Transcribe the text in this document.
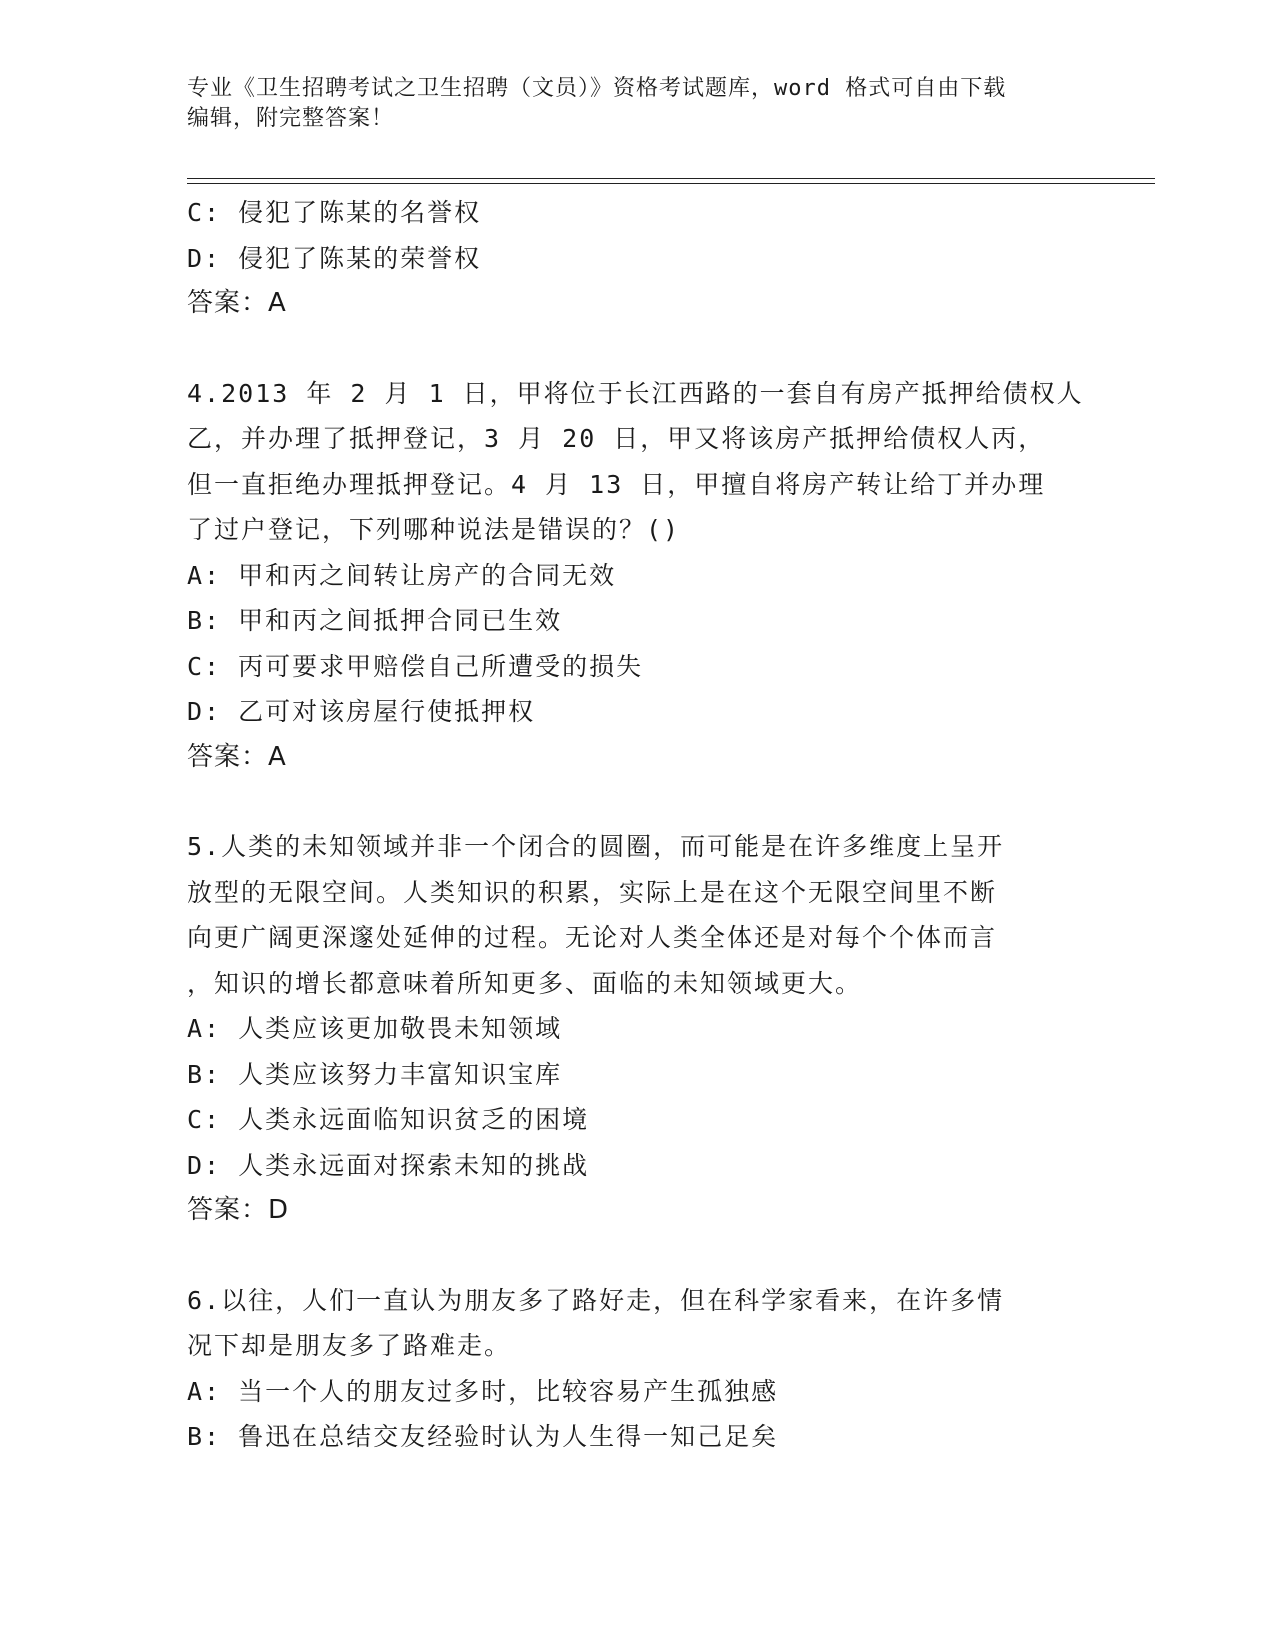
专业《卫生招聘考试之卫生招聘（文员）》资格考试题库，word 格式可自由下载
编辑，附完整答案！
C: 侵犯了陈某的名誉权
D: 侵犯了陈某的荣誉权
答案：A
4.2013 年 2 月 1 日，甲将位于长江西路的一套自有房产抵押给债权人
乙，并办理了抵押登记，3 月 20 日，甲又将该房产抵押给债权人丙，
但一直拒绝办理抵押登记。4 月 13 日，甲擅自将房产转让给丁并办理
了过户登记，下列哪种说法是错误的？()
A: 甲和丙之间转让房产的合同无效
B: 甲和丙之间抵押合同已生效
C: 丙可要求甲赔偿自己所遭受的损失
D: 乙可对该房屋行使抵押权
答案：A
5.人类的未知领域并非一个闭合的圆圈，而可能是在许多维度上呈开
放型的无限空间。人类知识的积累，实际上是在这个无限空间里不断
向更广阔更深邃处延伸的过程。无论对人类全体还是对每个个体而言
，知识的增长都意味着所知更多、面临的未知领域更大。
A: 人类应该更加敬畏未知领域
B: 人类应该努力丰富知识宝库
C: 人类永远面临知识贫乏的困境
D: 人类永远面对探索未知的挑战
答案：D
6.以往，人们一直认为朋友多了路好走，但在科学家看来，在许多情
况下却是朋友多了路难走。
A: 当一个人的朋友过多时，比较容易产生孤独感
B: 鲁迅在总结交友经验时认为人生得一知己足矣
